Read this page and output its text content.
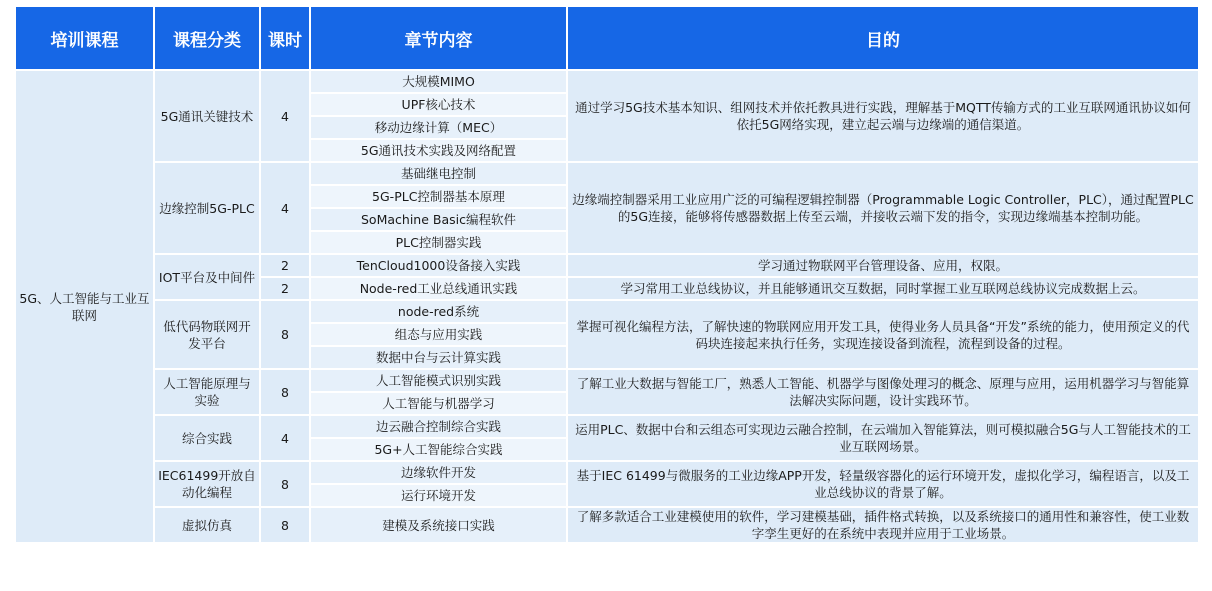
培训课程	课程分类	课时	章节内容	目的
5G、人工智能与工业互联网	5G通讯关键技术	4	大规模MIMO	通过学习5G技术基本知识、组网技术并依托教具进行实践，理解基于MQTT传输方式的工业互联网通讯协议如何依托5G网络实现，建立起云端与边缘端的通信渠道。
			UPF核心技术	
			移动边缘计算（MEC）	
			5G通讯技术实践及网络配置	
	边缘控制5G-PLC	4	基础继电控制	边缘端控制器采用工业应用广泛的可编程逻辑控制器（Programmable Logic Controller，PLC），通过配置PLC的5G连接，能够将传感器数据上传至云端，并接收云端下发的指令，实现边缘端基本控制功能。
			5G-PLC控制器基本原理	
			SoMachine Basic编程软件	
			PLC控制器实践	
	IOT平台及中间件	2	TenCloud1000设备接入实践	学习通过物联网平台管理设备、应用，权限。
		2	Node-red工业总线通讯实践	学习常用工业总线协议，并且能够通讯交互数据，同时掌握工业互联网总线协议完成数据上云。

	低代码物联网开发平台	8	node-red系统	掌握可视化编程方法，了解快速的物联网应用开发工具，使得业务人员具备“开发”系统的能力，使用预定义的代码块连接起来执行任务，实现连接设备到流程，流程到设备的过程。
			组态与应用实践	
			数据中台与云计算实践	
	人工智能原理与实验	8	人工智能模式识别实践	了解工业大数据与智能工厂，熟悉人工智能、机器学与图像处理习的概念、原理与应用，运用机器学习与智能算法解决实际问题，设计实践环节。
			人工智能与机器学习	
	综合实践	4	边云融合控制综合实践	运用PLC、数据中台和云组态可实现边云融合控制，在云端加入智能算法，则可模拟融合5G与人工智能技术的工业互联网场景。
			5G+人工智能综合实践	
	IEC61499开放自动化编程	8	边缘软件开发	基于IEC 61499与微服务的工业边缘APP开发，轻量级容器化的运行环境开发，虚拟化学习，编程语言，以及工业总线协议的背景了解。

			运行环境开发	

	虚拟仿真	8	建模及系统接口实践	了解多款适合工业建模使用的软件，学习建模基础，插件格式转换，以及系统接口的通用性和兼容性，使工业数字孪生更好的在系统中表现并应用于工业场景。
